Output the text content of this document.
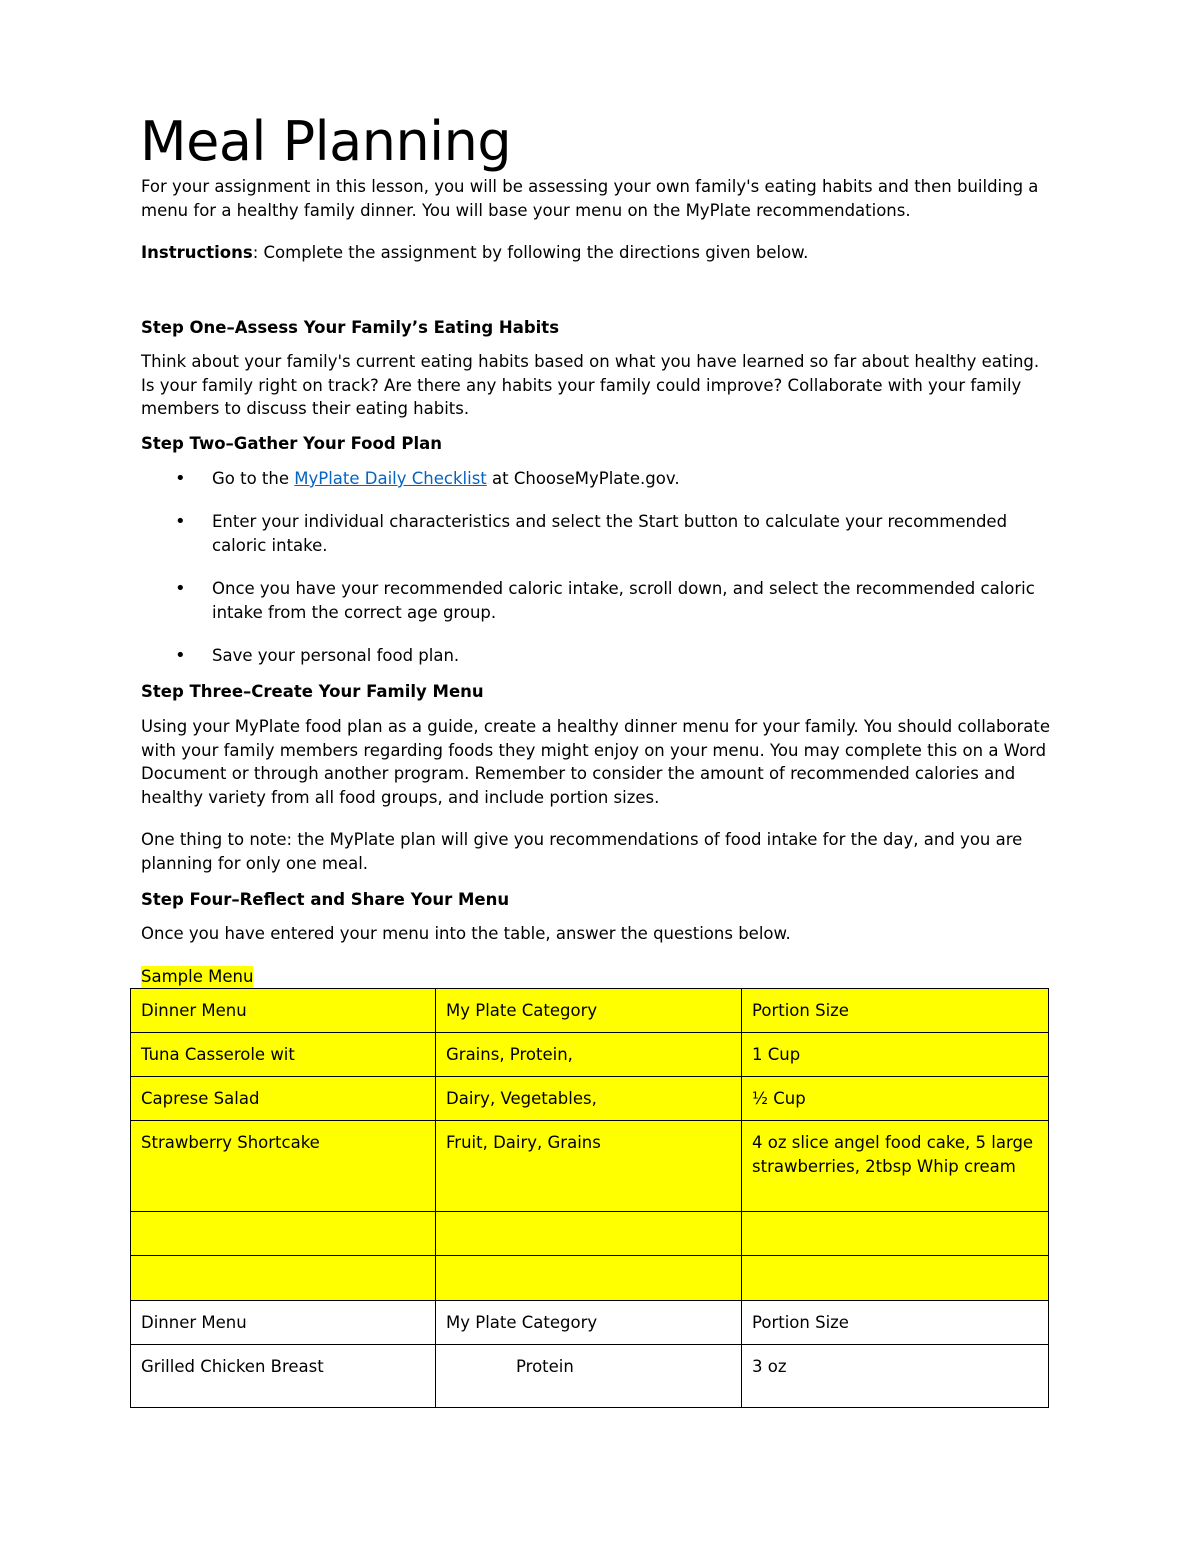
Meal Planning

For your assignment in this lesson, you will be assessing your own family's eating habits and then building a menu for a healthy family dinner. You will base your menu on the MyPlate recommendations.

Instructions: Complete the assignment by following the directions given below.

Step One–Assess Your Family’s Eating Habits

Think about your family's current eating habits based on what you have learned so far about healthy eating. Is your family right on track? Are there any habits your family could improve? Collaborate with your family members to discuss their eating habits.

Step Two–Gather Your Food Plan
•	Go to the MyPlate Daily Checklist at ChooseMyPlate.gov.
•	Enter your individual characteristics and select the Start button to calculate your recommended caloric intake.
•	Once you have your recommended caloric intake, scroll down, and select the recommended caloric intake from the correct age group.
•	Save your personal food plan.
Step Three–Create Your Family Menu

Using your MyPlate food plan as a guide, create a healthy dinner menu for your family. You should collaborate with your family members regarding foods they might enjoy on your menu. You may complete this on a Word Document or through another program. Remember to consider the amount of recommended calories and healthy variety from all food groups, and include portion sizes.

One thing to note: the MyPlate plan will give you recommendations of food intake for the day, and you are planning for only one meal.

Step Four–Reflect and Share Your Menu

Once you have entered your menu into the table, answer the questions below.

Sample Menu
Dinner Menu	My Plate Category	Portion Size
Tuna Casserole wit	Grains, Protein,	1 Cup
Caprese Salad	Dairy, Vegetables,	½ Cup
Strawberry Shortcake	Fruit, Dairy, Grains	4 oz slice angel food cake, 5 large strawberries, 2tbsp Whip cream

Dinner Menu	My Plate Category	Portion Size
Grilled Chicken Breast	Protein	3 oz
